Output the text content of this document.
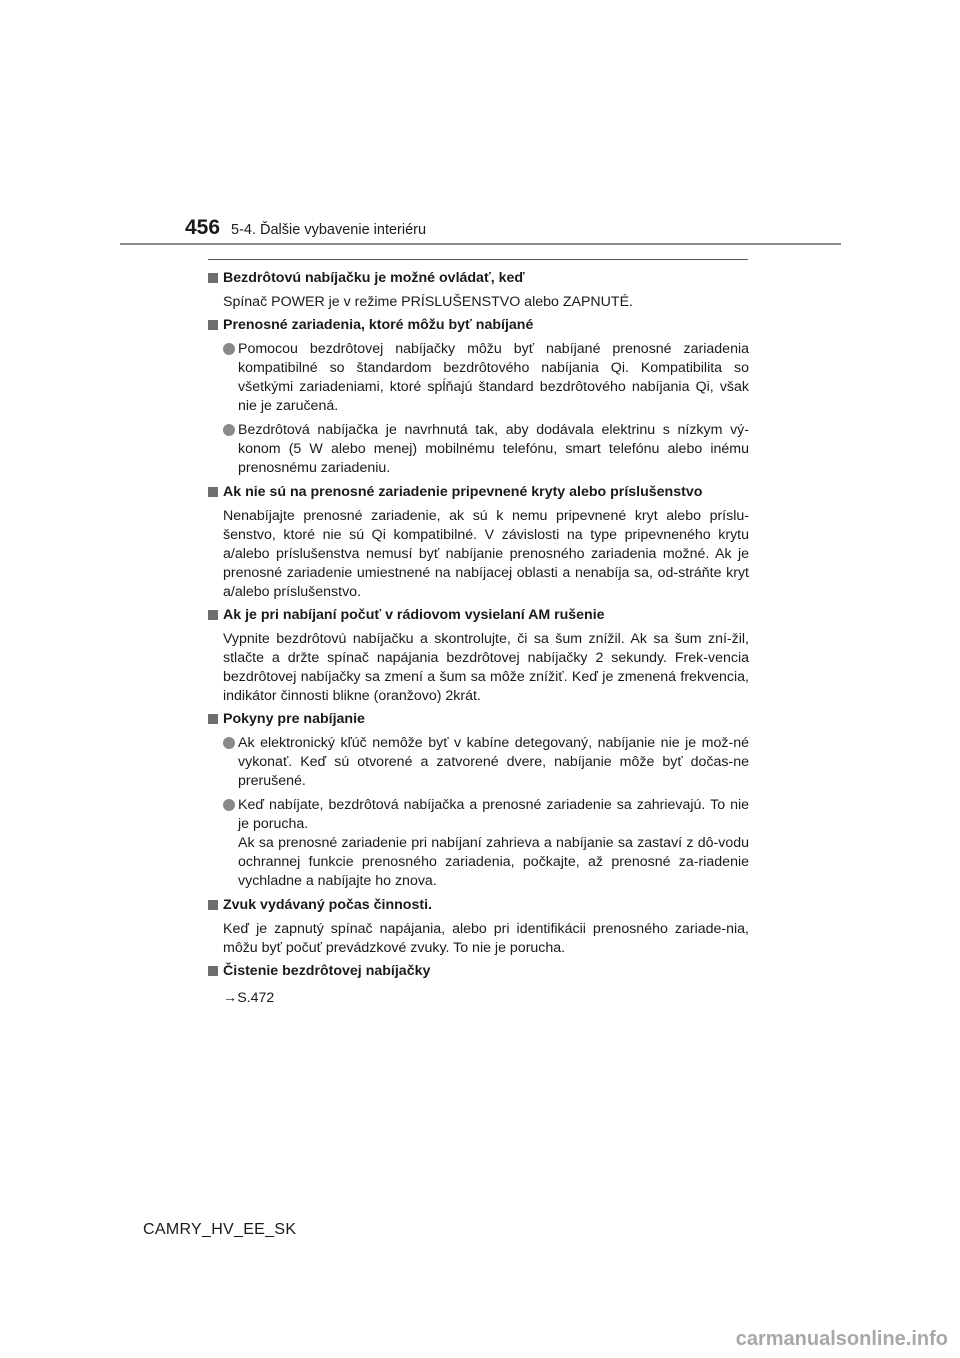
456 5-4. Ďalšie vybavenie interiéru
Bezdrôtovú nabíjačku je možné ovládať, keď
Spínač POWER je v režime PRÍSLUŠENSTVO alebo ZAPNUTÉ.
Prenosné zariadenia, ktoré môžu byť nabíjané
Pomocou bezdrôtovej nabíjačky môžu byť nabíjané prenosné zariadenia kompatibilné so štandardom bezdrôtového nabíjania Qi. Kompatibilita so všetkými zariadeniami, ktoré spĺňajú štandard bezdrôtového nabíjania Qi, však nie je zaručená.
Bezdrôtová nabíjačka je navrhnutá tak, aby dodávala elektrinu s nízkym vý-konom (5 W alebo menej) mobilnému telefónu, smart telefónu alebo inému prenosnému zariadeniu.
Ak nie sú na prenosné zariadenie pripevnené kryty alebo príslušenstvo
Nenabíjajte prenosné zariadenie, ak sú k nemu pripevnené kryt alebo príslu-šenstvo, ktoré nie sú Qi kompatibilné. V závislosti na type pripevneného krytu a/alebo príslušenstva nemusí byť nabíjanie prenosného zariadenia možné. Ak je prenosné zariadenie umiestnené na nabíjacej oblasti a nenabíja sa, od-stráňte kryt a/alebo príslušenstvo.
Ak je pri nabíjaní počuť v rádiovom vysielaní AM rušenie
Vypnite bezdrôtovú nabíjačku a skontrolujte, či sa šum znížil. Ak sa šum zní-žil, stlačte a držte spínač napájania bezdrôtovej nabíjačky 2 sekundy. Frek-vencia bezdrôtovej nabíjačky sa zmení a šum sa môže znížiť. Keď je zmenená frekvencia, indikátor činnosti blikne (oranžovo) 2krát.
Pokyny pre nabíjanie
Ak elektronický kľúč nemôže byť v kabíne detegovaný, nabíjanie nie je mož-né vykonať. Keď sú otvorené a zatvorené dvere, nabíjanie môže byť dočas-ne prerušené.
Keď nabíjate, bezdrôtová nabíjačka a prenosné zariadenie sa zahrievajú. To nie je porucha.
Ak sa prenosné zariadenie pri nabíjaní zahrieva a nabíjanie sa zastaví z dô-vodu ochrannej funkcie prenosného zariadenia, počkajte, až prenosné za-riadenie vychladne a nabíjajte ho znova.
Zvuk vydávaný počas činnosti.
Keď je zapnutý spínač napájania, alebo pri identifikácii prenosného zariade-nia, môžu byť počuť prevádzkové zvuky. To nie je porucha.
Čistenie bezdrôtovej nabíjačky
→S.472
CAMRY_HV_EE_SK
carmanualsonline.info
